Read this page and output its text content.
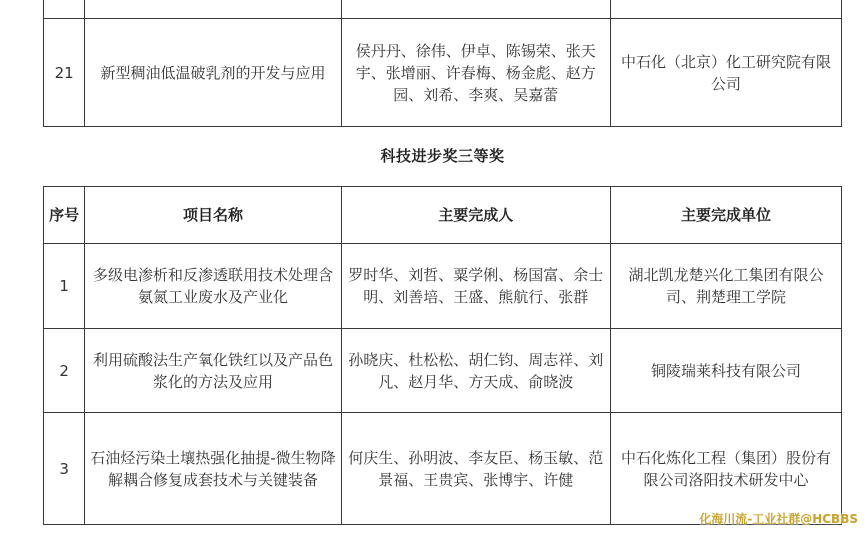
21	新型稠油低温破乳剂的开发与应用	侯丹丹、徐伟、伊卓、陈锡荣、张天宇、张增丽、许春梅、杨金彪、赵方园、刘希、李爽、吴嘉蕾	中石化（北京）化工研究院有限公司
科技进步奖三等奖
序号	项目名称	主要完成人	主要完成单位
1	多级电渗析和反渗透联用技术处理含氨氮工业废水及产业化	罗时华、刘哲、粟学俐、杨国富、余士明、刘善培、王盛、熊航行、张群	湖北凯龙楚兴化工集团有限公司、荆楚理工学院
2	利用硫酸法生产氧化铁红以及产品色浆化的方法及应用	孙晓庆、杜松松、胡仁钧、周志祥、刘凡、赵月华、方天成、俞晓波	铜陵瑞莱科技有限公司
3	石油烃污染土壤热强化抽提-微生物降解耦合修复成套技术与关键装备	何庆生、孙明波、李友臣、杨玉敏、范景福、王贵宾、张博宇、许健	中石化炼化工程（集团）股份有限公司洛阳技术研发中心
化海川流-工业社群@HCBBS
